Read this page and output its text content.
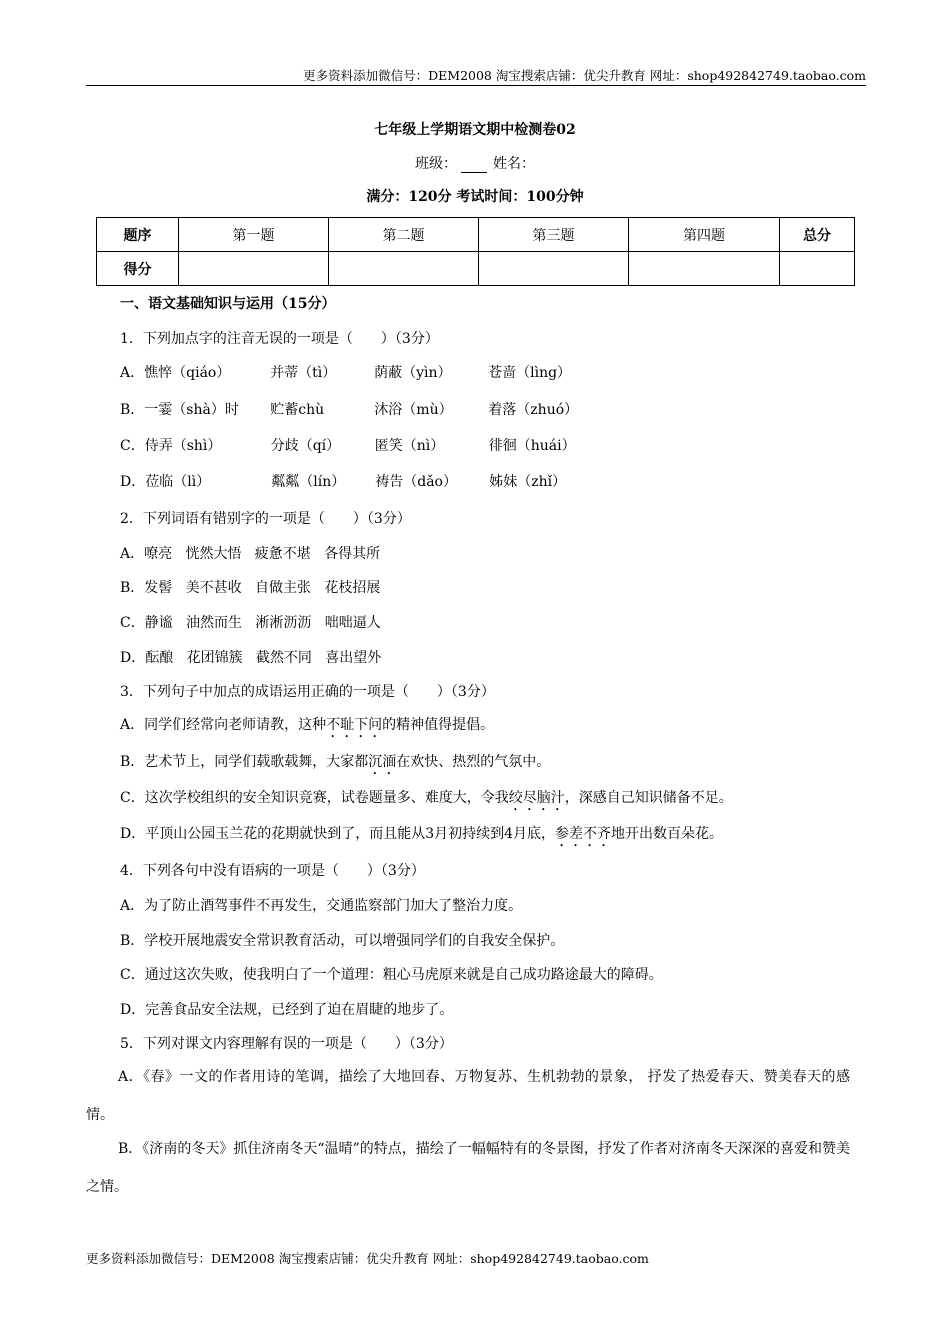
更多资料添加微信号：DEM2008 淘宝搜索店铺：优尖升教育 网址：shop492842749.taobao.com
七年级上学期语文期中检测卷02
班级：	姓名：
满分：120分 考试时间：100分钟
题序	第一题	第二题	第三题	第四题	总分
得分					
一、语文基础知识与运用（15分）
1．下列加点字的注音无误的一项是（　　）（3分）
A．憔悴（qiáo）	并蒂（tì）	荫蔽（yìn）	苍啬（lìng）
B．一霎（shà）时 贮蓄chù	沐浴（mù）	着落（zhuó）
C．侍弄（shì）	分歧（qí） 匿笑（nì）	徘徊（huái）
D．莅临（lì）	粼粼（lín） 祷告（dǎo） 姊妹（zhǐ）
2．下列词语有错别字的一项是（　　）（3分）
A．嘹亮   恍然大悟   疲惫不堪   各得其所
B．发髻   美不甚收   自做主张   花枝招展
C．静谧   油然而生   淅淅沥沥   咄咄逼人
D．酝酿   花团锦簇   截然不同   喜出望外
3．下列句子中加点的成语运用正确的一项是（　　）（3分）
A．同学们经常向老师请教，这种不耻下问的精神值得提倡。
B．艺术节上，同学们载歌载舞，大家都沉湎在欢快、热烈的气氛中。
C．这次学校组织的安全知识竞赛，试卷题量多、难度大，令我绞尽脑汁，深感自己知识储备不足。
D．平顶山公园玉兰花的花期就快到了，而且能从3月初持续到4月底，参差不齐地开出数百朵花。
4．下列各句中没有语病的一项是（　　）（3分）
A．为了防止酒驾事件不再发生，交通监察部门加大了整治力度。
B．学校开展地震安全常识教育活动，可以增强同学们的自我安全保护。
C．通过这次失败，使我明白了一个道理：粗心马虎原来就是自己成功路途最大的障碍。
D．完善食品安全法规，已经到了迫在眉睫的地步了。
5．下列对课文内容理解有误的一项是（　　）（3分）
A．《春》一文的作者用诗的笔调，描绘了大地回春、万物复苏、生机勃勃的景象， 抒发了热爱春天、赞美春天的感情。
B．《济南的冬天》抓住济南冬天“温晴”的特点，描绘了一幅幅特有的冬景图，抒发了作者对济南冬天深深的喜爱和赞美之情。
更多资料添加微信号：DEM2008 淘宝搜索店铺：优尖升教育 网址：shop492842749.taobao.com
